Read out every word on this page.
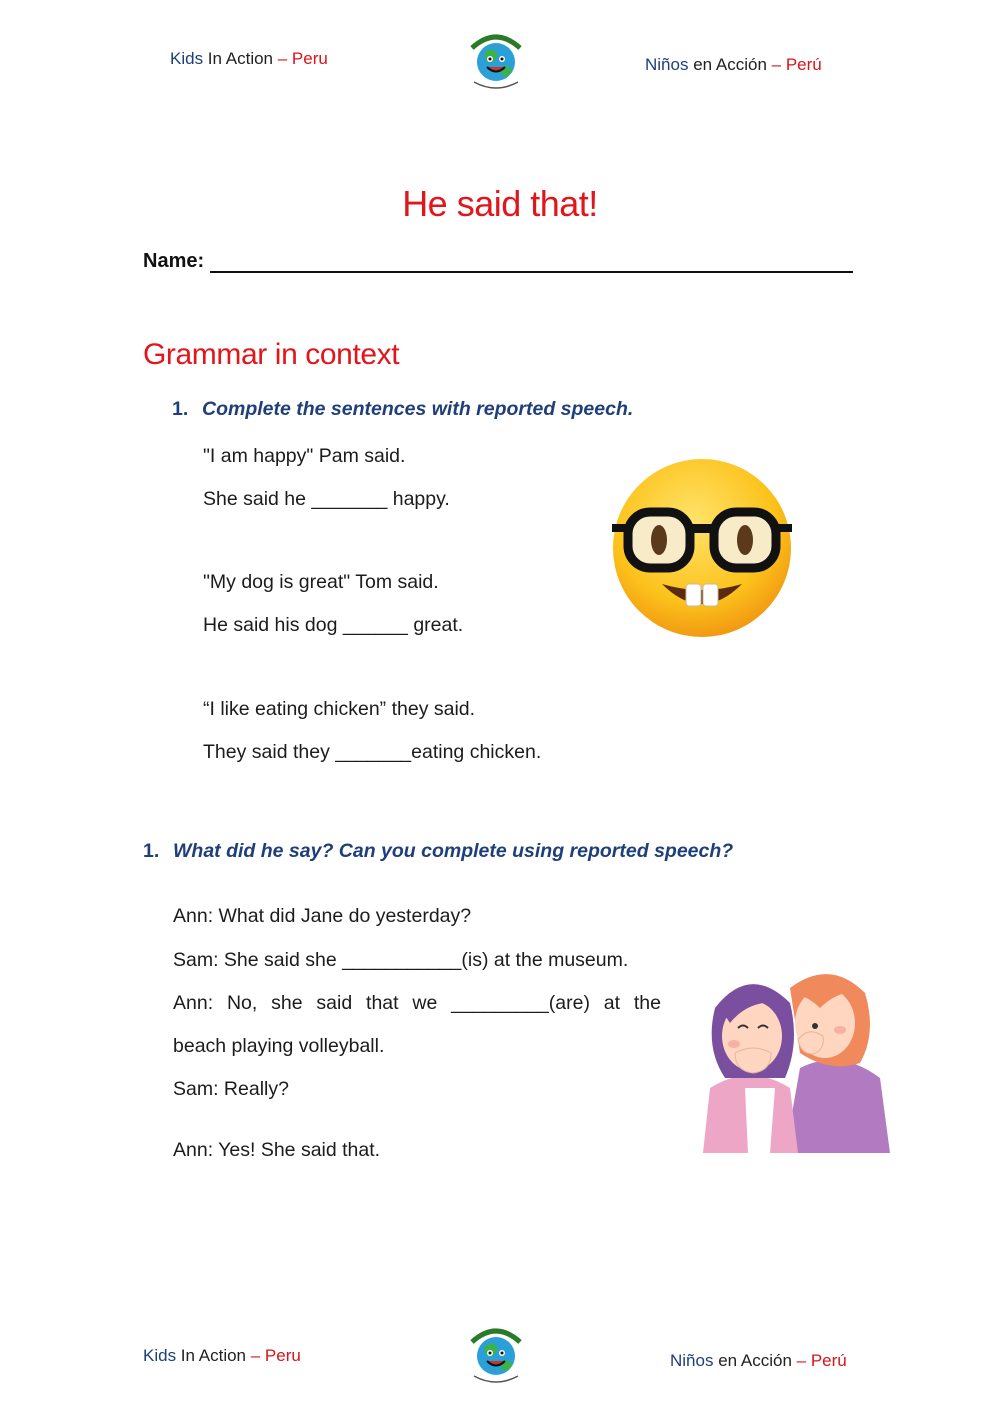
Kids In Action – Peru	Niños en Acción – Perú
He said that!
Name:
Grammar in context
1. Complete the sentences with reported speech.
"I am happy" Pam said.
She said he _______ happy.
"My dog is great" Tom said.
He said his dog ______ great.
“I like eating chicken” they said.
They said they _______eating chicken.
1. What did he say? Can you complete using reported speech?
Ann: What did Jane do yesterday?
Sam: She said she ___________(is) at the museum.
Ann: No, she said that we _________(are) at the
beach playing volleyball.
Sam: Really?
Ann: Yes! She said that.
Kids In Action – Peru	Niños en Acción – Perú
